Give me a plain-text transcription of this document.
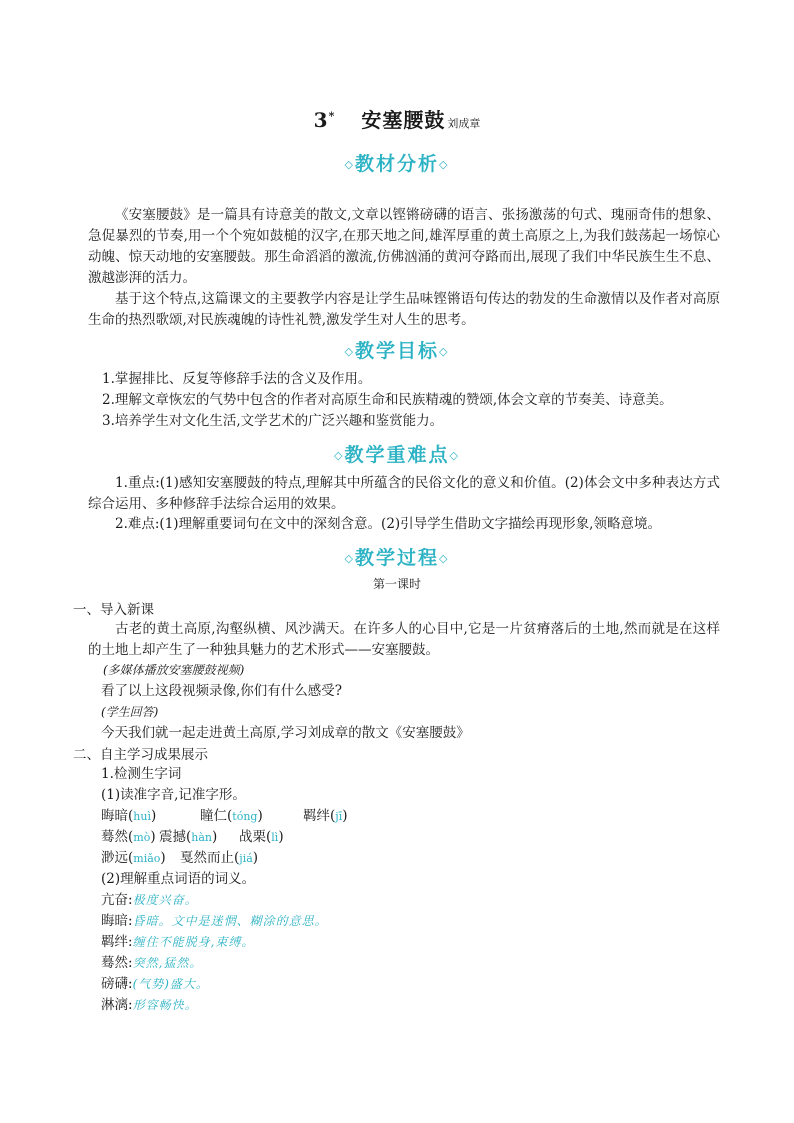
3* 安塞腰鼓 刘成章
◇教材分析◇
《安塞腰鼓》是一篇具有诗意美的散文,文章以铿锵磅礴的语言、张扬激荡的句式、瑰丽奇伟的想象、急促暴烈的节奏,用一个个宛如鼓槌的汉字,在那天地之间,雄浑厚重的黄土高原之上,为我们鼓荡起一场惊心动魄、惊天动地的安塞腰鼓。那生命滔滔的激流,仿佛汹涌的黄河夺路而出,展现了我们中华民族生生不息、激越澎湃的活力。
基于这个特点,这篇课文的主要教学内容是让学生品味铿锵语句传达的勃发的生命激情以及作者对高原生命的热烈歌颂,对民族魂魄的诗性礼赞,激发学生对人生的思考。
◇教学目标◇
1.掌握排比、反复等修辞手法的含义及作用。
2.理解文章恢宏的气势中包含的作者对高原生命和民族精魂的赞颂,体会文章的节奏美、诗意美。
3.培养学生对文化生活,文学艺术的广泛兴趣和鉴赏能力。
◇教学重难点◇
1.重点:(1)感知安塞腰鼓的特点,理解其中所蕴含的民俗文化的意义和价值。(2)体会文中多种表达方式综合运用、多种修辞手法综合运用的效果。
2.难点:(1)理解重要词句在文中的深刻含意。(2)引导学生借助文字描绘再现形象,领略意境。
◇教学过程◇
第一课时
一、导入新课
古老的黄土高原,沟壑纵横、风沙满天。在许多人的心目中,它是一片贫瘠落后的土地,然而就是在这样的土地上却产生了一种独具魅力的艺术形式——安塞腰鼓。
(多媒体播放安塞腰鼓视频)
看了以上这段视频录像,你们有什么感受?
(学生回答)
今天我们就一起走进黄土高原,学习刘成章的散文《安塞腰鼓》
二、自主学习成果展示
1.检测生字词
(1)读准字音,记准字形。
晦暗(huì)	瞳仁(tóng)	羁绊(jī)
蓦然(mò) 震撼(hàn) 战栗(lì)
渺远(miǎo) 戛然而止(jiá)
(2)理解重点词语的词义。
亢奋:极度兴奋。
晦暗:昏暗。文中是迷惘、糊涂的意思。
羁绊:缠住不能脱身,束缚。
蓦然:突然,猛然。
磅礴:(气势)盛大。
淋漓:形容畅快。
